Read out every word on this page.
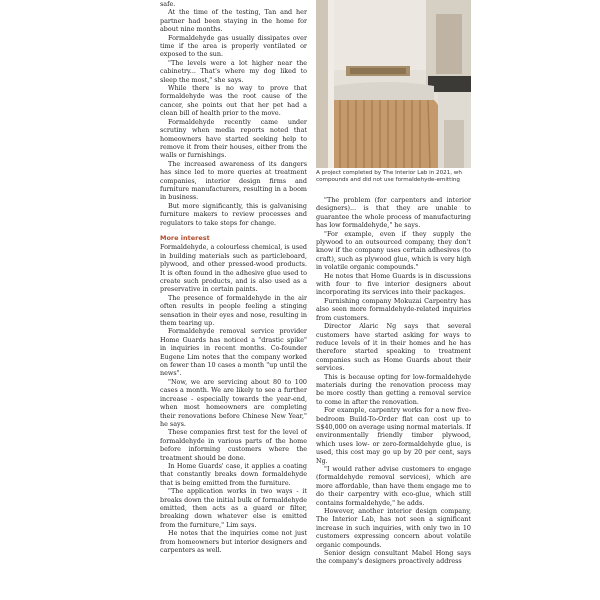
safe.

At the time of the testing, Tan and her partner had been staying in the home for about nine months.

Formaldehyde gas usually dissipates over time if the area is properly ventilated or exposed to the sun.

"The levels were a lot higher near the cabinetry... That's where my dog liked to sleep the most," she says.

While there is no way to prove that formaldehyde was the root cause of the cancer, she points out that her pet had a clean bill of health prior to the move.

Formaldehyde recently came under scrutiny when media reports noted that homeowners have started seeking help to remove it from their houses, either from the walls or furnishings.

The increased awareness of its dangers has since led to more queries at treatment companies, interior design firms and furniture manufacturers, resulting in a boom in business.

But more significantly, this is galvanising furniture makers to review processes and regulators to take steps for change.

More interest

Formaldehyde, a colourless chemical, is used in building materials such as particleboard, plywood, and other pressed-wood products. It is often found in the adhesive glue used to create such products, and is also used as a preservative in certain paints.

The presence of formaldehyde in the air often results in people feeling a stinging sensation in their eyes and nose, resulting in them tearing up.

Formaldehyde removal service provider Home Guards has noticed a "drastic spike" in inquiries in recent months. Co-founder Eugene Lim notes that the company worked on fewer than 10 cases a month "up until the news".

"Now, we are servicing about 80 to 100 cases a month. We are likely to see a further increase - especially towards the year-end, when most homeowners are completing their renovations before Chinese New Year," he says.

These companies first test for the level of formaldehyde in various parts of the home before informing customers where the treatment should be done.

In Home Guards' case, it applies a coating that constantly breaks down formaldehyde that is being emitted from the furniture.

"The application works in two ways - it breaks down the initial bulk of formaldehyde emitted, then acts as a guard or filter, breaking down whatever else is emitted from the furniture," Lim says.

He notes that the inquiries come not just from homeowners but interior designers and carpenters as well.

A project completed by The Interior Lab in 2021, wh
compounds and did not use formaldehyde-emitting

"The problem (for carpenters and interior designers)... is that they are unable to guarantee the whole process of manufacturing has low formaldehyde," he says.

"For example, even if they supply the plywood to an outsourced company, they don't know if the company uses certain adhesives (to craft), such as plywood glue, which is very high in volatile organic compounds."

He notes that Home Guards is in discussions with four to five interior designers about incorporating its services into their packages.

Furnishing company Mokuzai Carpentry has also seen more formaldehyde-related inquiries from customers.

Director Alaric Ng says that several customers have started asking for ways to reduce levels of it in their homes and he has therefore started speaking to treatment companies such as Home Guards about their services.

This is because opting for low-formaldehyde materials during the renovation process may be more costly than getting a removal service to come in after the renovation.

For example, carpentry works for a new five-bedroom Build-To-Order flat can cost up to S$40,000 on average using normal materials. If environmentally friendly timber plywood, which uses low- or zero-formaldehyde glue, is used, this cost may go up by 20 per cent, says Ng.

"I would rather advise customers to engage (formaldehyde removal services), which are more affordable, than have them engage me to do their carpentry with eco-glue, which still contains formaldehyde," he adds.

However, another interior design company, The Interior Lab, has not seen a significant increase in such inquiries, with only two in 10 customers expressing concern about volatile organic compounds.

Senior design consultant Mabel Hong says the company's designers proactively address
